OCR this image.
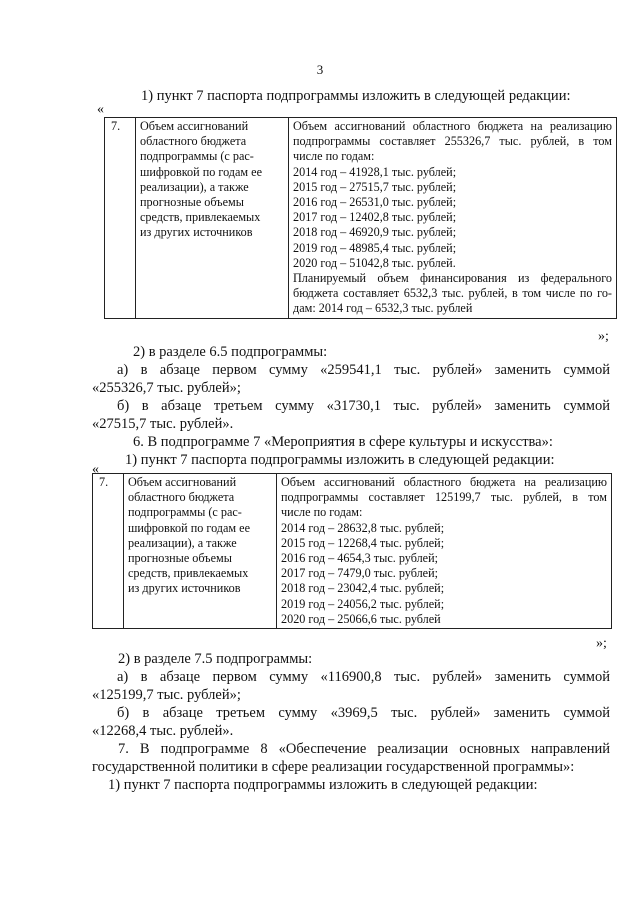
3
1) пункт 7 паспорта подпрограммы изложить в следующей редакции:
«
7.	Объем ассигнований
областного бюджета
подпрограммы (с рас-
шифровкой по годам ее
реализации), а также
прогнозные объемы
средств, привлекаемых
из других источников

Объем ассигнований областного бюджета на реализацию
подпрограммы составляет 255326,7 тыс. рублей, в том
числе по годам:
2014 год – 41928,1 тыс. рублей;
2015 год – 27515,7 тыс. рублей;
2016 год – 26531,0 тыс. рублей;
2017 год – 12402,8 тыс. рублей;
2018 год – 46920,9 тыс. рублей;
2019 год – 48985,4 тыс. рублей;
2020 год – 51042,8 тыс. рублей.
Планируемый объем финансирования из федерального
бюджета составляет 6532,3 тыс. рублей, в том числе по го-
дам: 2014 год – 6532,3 тыс. рублей
»;
2) в разделе 6.5 подпрограммы:
а) в абзаце первом сумму «259541,1 тыс. рублей» заменить суммой
«255326,7 тыс. рублей»;
б) в абзаце третьем сумму «31730,1 тыс. рублей» заменить суммой
«27515,7 тыс. рублей».
6. В подпрограмме 7 «Мероприятия в сфере культуры и искусства»:
1) пункт 7 паспорта подпрограммы изложить в следующей редакции:
«
7.	Объем ассигнований
областного бюджета
подпрограммы (с рас-
шифровкой по годам ее
реализации), а также
прогнозные объемы
средств, привлекаемых
из других источников

Объем ассигнований областного бюджета на реализацию
подпрограммы составляет 125199,7 тыс. рублей, в том
числе по годам:
2014 год – 28632,8 тыс. рублей;
2015 год – 12268,4 тыс. рублей;
2016 год – 4654,3 тыс. рублей;
2017 год – 7479,0 тыс. рублей;
2018 год – 23042,4 тыс. рублей;
2019 год – 24056,2 тыс. рублей;
2020 год – 25066,6 тыс. рублей
»;
2) в разделе 7.5 подпрограммы:
а) в абзаце первом сумму «116900,8 тыс. рублей» заменить суммой
«125199,7 тыс. рублей»;
б) в абзаце третьем сумму «3969,5 тыс. рублей» заменить суммой
«12268,4 тыс. рублей».
7. В подпрограмме 8 «Обеспечение реализации основных направлений
государственной политики в сфере реализации государственной программы»:
1) пункт 7 паспорта подпрограммы изложить в следующей редакции:
